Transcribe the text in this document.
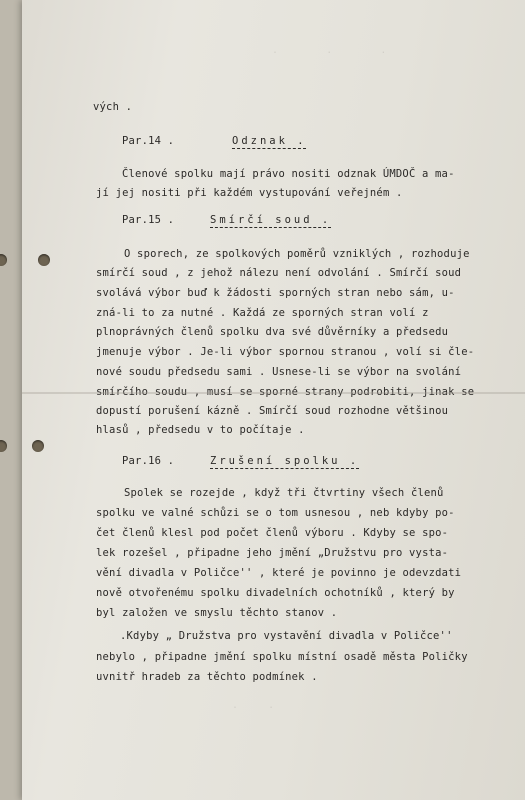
.        .        .
vých .
Par.14 .	Odznak .
Členové spolku mají právo nositi odznak ÚMDOČ a ma-
jí jej nositi při každém vystupování veřejném .
Par.15 .	Smírčí soud .
O sporech, ze spolkových poměrů vzniklých , rozhoduje
smírčí soud , z jehož nálezu není odvolání . Smírčí soud
svolává výbor buď k žádosti sporných stran nebo sám, u-
zná-li to za nutné . Každá ze sporných stran volí z
plnoprávných členů spolku dva své důvěrníky a předsedu
jmenuje výbor . Je-li výbor spornou stranou , volí si čle-
nové soudu předsedu sami . Usnese-li se výbor na svolání
smírčího soudu , musí se sporné strany podrobiti, jinak se
dopustí porušení kázně . Smírčí soud rozhodne většinou
hlasů , předsedu v to počítaje .
Par.16 .	Zrušení spolku .
Spolek se rozejde , když tři čtvrtiny všech členů
spolku ve valné schůzi se o tom usnesou , neb kdyby po-
čet členů klesl pod počet členů výboru . Kdyby se spo-
lek rozešel , připadne jeho jmění „Družstvu pro vysta-
vění divadla v Poličce'' , které je povinno je odevzdati
nově otvořenému spolku divadelních ochotníků , který by
byl založen ve smyslu těchto stanov .
.Kdyby „ Družstva pro vystavění divadla v Poličce''
nebylo , připadne jmění spolku místní osadě města Poličky
uvnitř hradeb za těchto podmínek .
.     .
